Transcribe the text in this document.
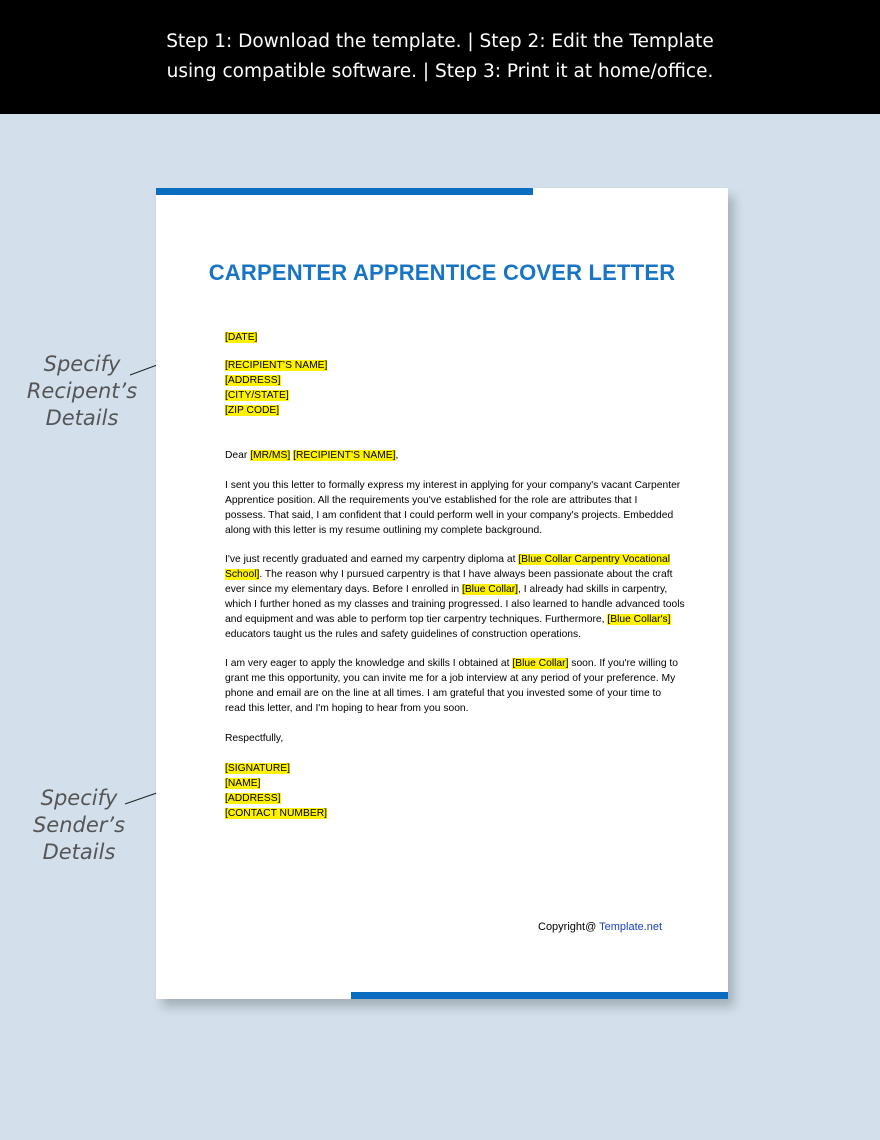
Step 1: Download the template. | Step 2: Edit the Template
using compatible software. | Step 3: Print it at home/office.
Specify
Recipent’s
Details
Specify
Sender’s
Details
CARPENTER APPRENTICE COVER LETTER
[DATE]
[RECIPIENT’S NAME]
[ADDRESS]
[CITY/STATE]
[ZIP CODE]
Dear [MR/MS] [RECIPIENT’S NAME],
I sent you this letter to formally express my interest in applying for your company's vacant Carpenter
Apprentice position. All the requirements you've established for the role are attributes that I
possess. That said, I am confident that I could perform well in your company's projects. Embedded
along with this letter is my resume outlining my complete background.
I've just recently graduated and earned my carpentry diploma at [Blue Collar Carpentry Vocational
School]. The reason why I pursued carpentry is that I have always been passionate about the craft
ever since my elementary days. Before I enrolled in [Blue Collar], I already had skills in carpentry,
which I further honed as my classes and training progressed. I also learned to handle advanced tools
and equipment and was able to perform top tier carpentry techniques. Furthermore, [Blue Collar's]
educators taught us the rules and safety guidelines of construction operations.
I am very eager to apply the knowledge and skills I obtained at [Blue Collar] soon. If you're willing to
grant me this opportunity, you can invite me for a job interview at any period of your preference. My
phone and email are on the line at all times. I am grateful that you invested some of your time to
read this letter, and I'm hoping to hear from you soon.
Respectfully,
[SIGNATURE]
[NAME]
[ADDRESS]
[CONTACT NUMBER]
Copyright@ Template.net
